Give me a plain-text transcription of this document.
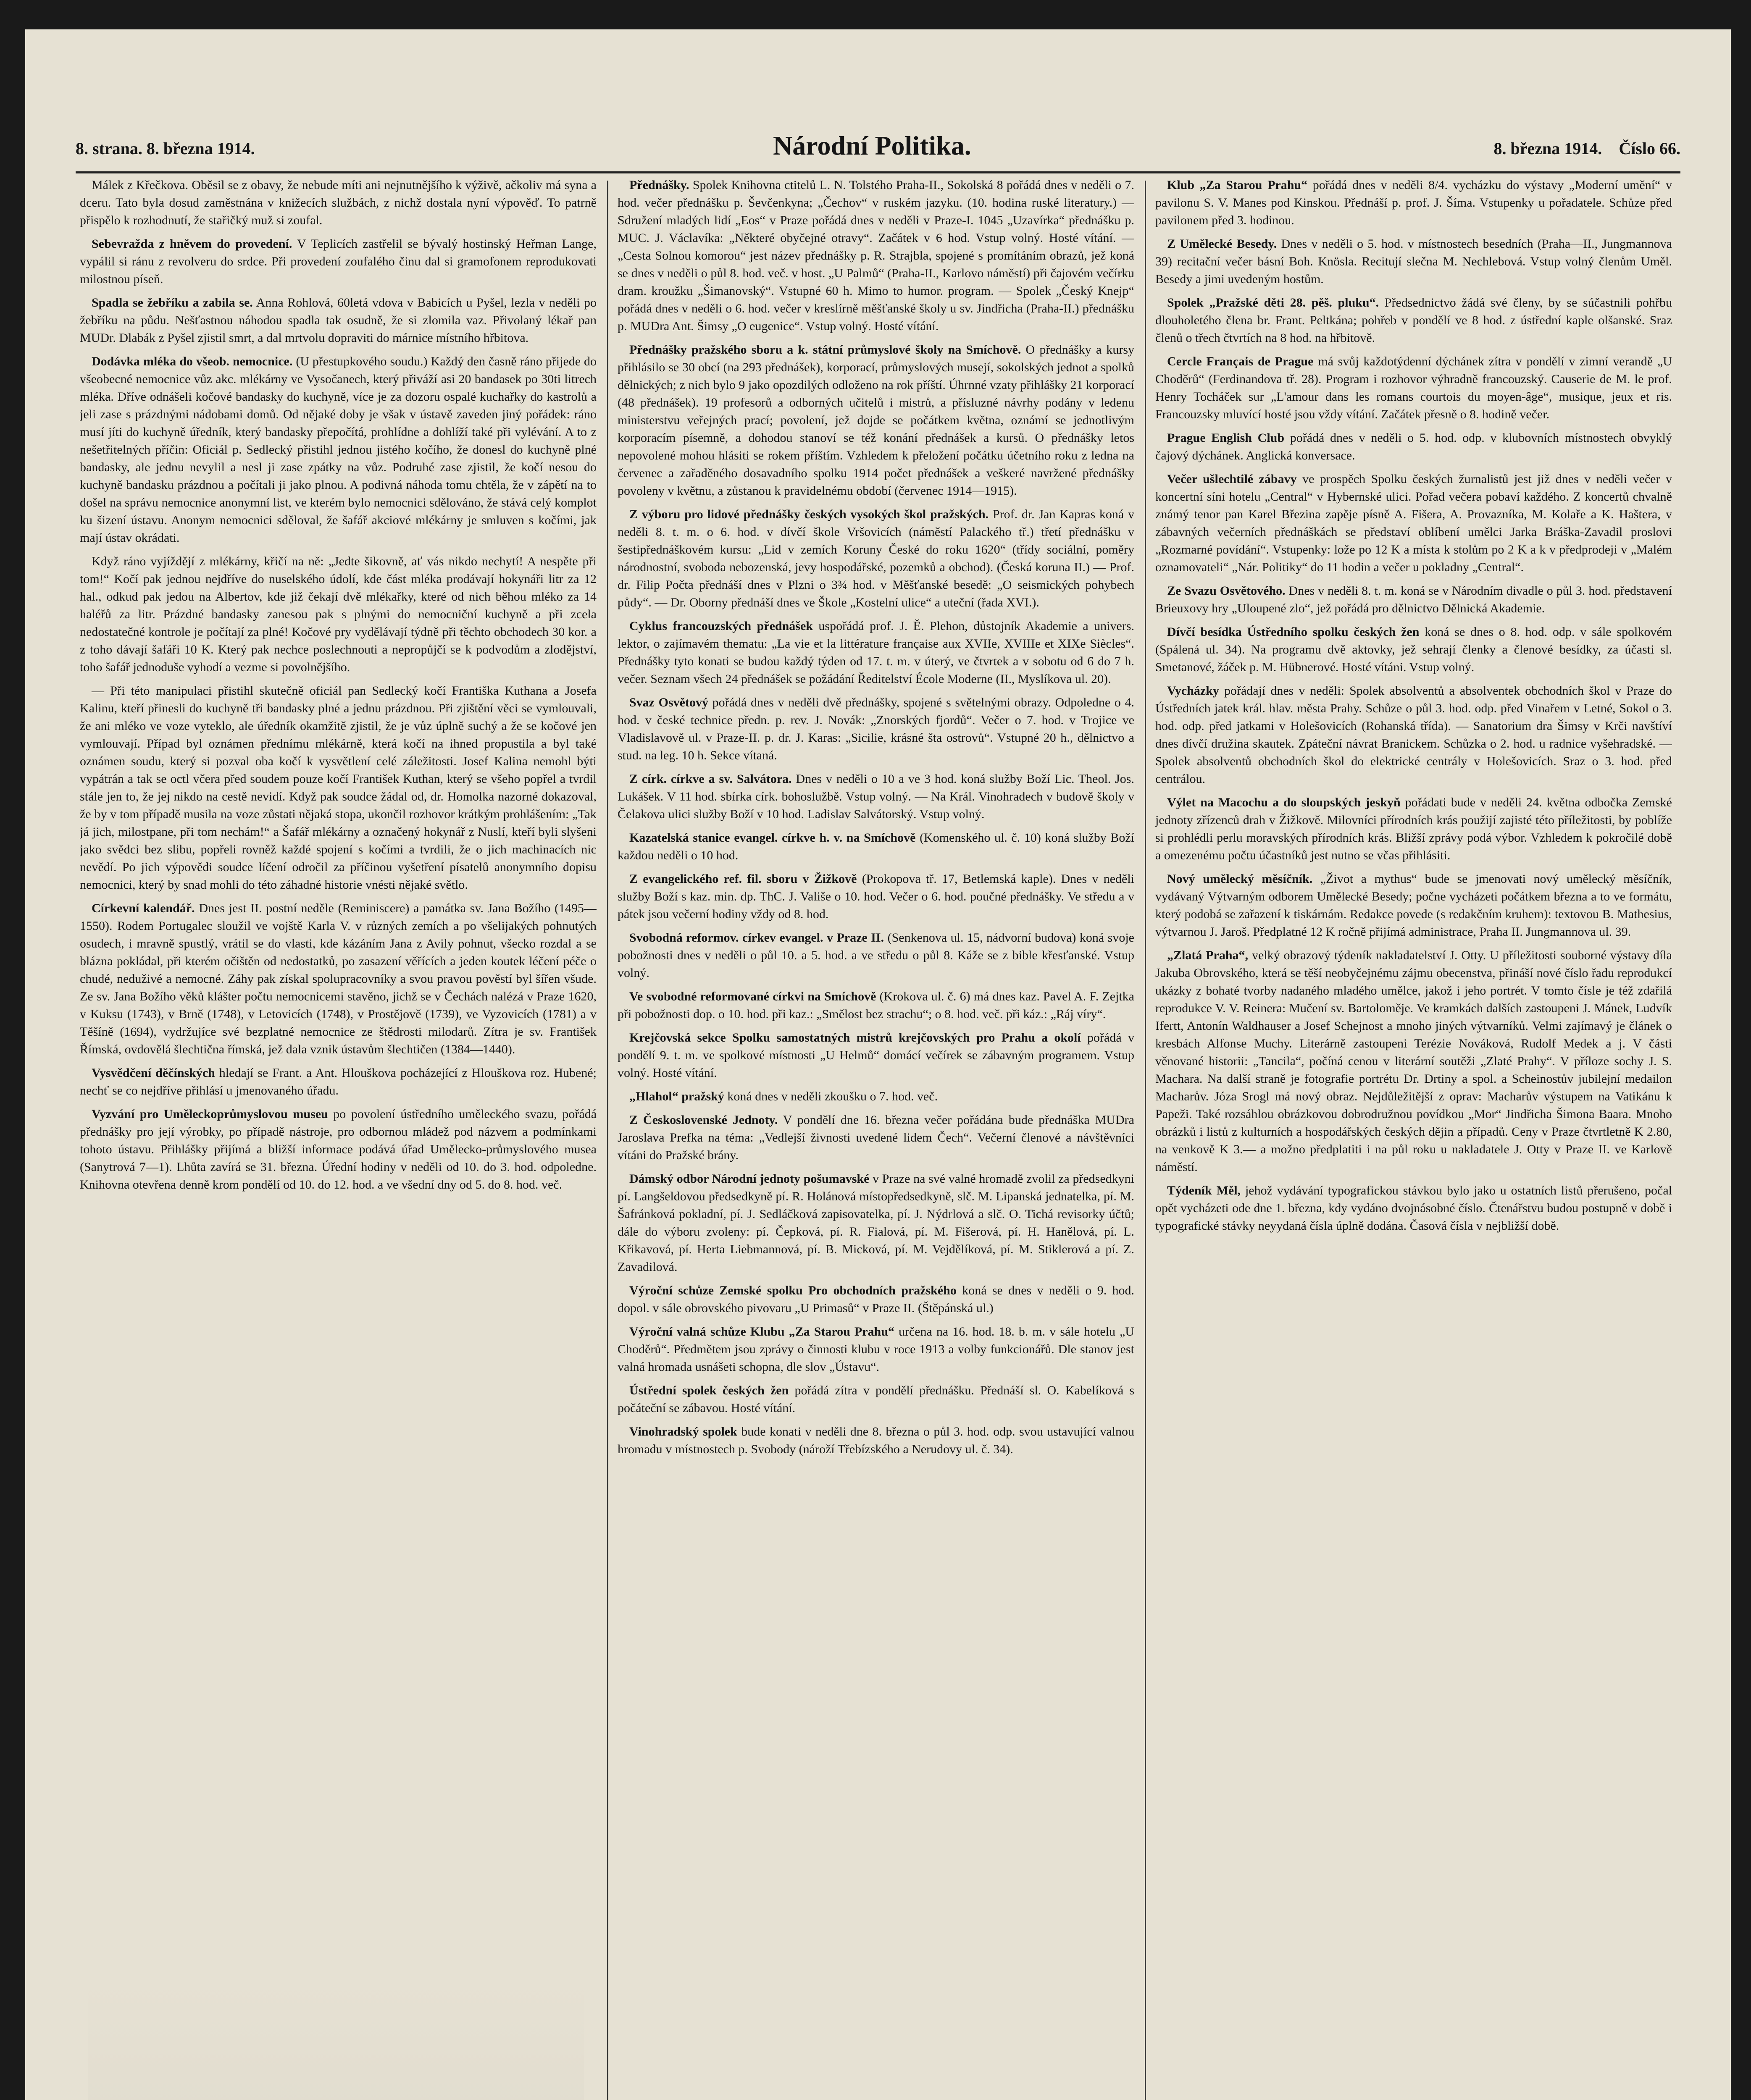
8. strana. 8. března 1914.	Národní Politika.	8. března 1914. Číslo 66.

Málek z Křečkova. Oběsil se z obavy, že nebude míti ani nejnutnějšího k výživě, ačkoliv má syna a dceru. Tato byla dosud zaměstnána v knižecích službách, z nichž dostala nyní výpověď. To patrně přispělo k rozhodnutí, že stařičký muž si zoufal.

Sebevražda z hněvem do provedení. V Teplicích zastřelil se bývalý hostinský Heřman Lange, vypálil si ránu z revolveru do srdce. Při provedení zoufalého činu dal si gramofonem reprodukovati milostnou píseň.

Spadla se žebříku a zabila se. Anna Rohlová, 60letá vdova v Babicích u Pyšel, lezla v neděli po žebříku na půdu. Nešťastnou náhodou spadla tak osudně, že si zlomila vaz. Přivolaný lékař pan MUDr. Dlabák z Pyšel zjistil smrt, a dal mrtvolu dopraviti do márnice místního hřbitova.

Dodávka mléka do všeob. nemocnice. (U přestupkového soudu.) Každý den časně ráno přijede do všeobecné nemocnice vůz akc. mlékárny ve Vysočanech, který přiváží asi 20 bandasek po 30ti litrech mléka. Dříve odnášeli kočové bandasky do kuchyně, více je za dozoru ospalé kuchařky do kastrolů a jeli zase s prázdnými nádobami domů. Od nějaké doby je však v ústavě zaveden jiný pořádek: ráno musí jíti do kuchyně úředník, který bandasky přepočítá, prohlídne a dohlíží také při vylévání. A to z nešetřitelných příčin: Oficiál p. Sedlecký přistihl jednou jistého kočího, že donesl do kuchyně plné bandasky, ale jednu nevylil a nesl ji zase zpátky na vůz. Podruhé zase zjistil, že kočí nesou do kuchyně bandasku prázdnou a počítali ji jako plnou. A podivná náhoda tomu chtěla, že v zápětí na to došel na správu nemocnice anonymní list, ve kterém bylo nemocnici sdělováno, že stává celý komplot ku šizení ústavu. Anonym nemocnici sděloval, že šafář akciové mlékárny je smluven s kočími, jak mají ústav okrádati.

Když ráno vyjíždějí z mlékárny, křičí na ně: „Jedte šikovně, ať vás nikdo nechytí! A nespěte při tom!“ Kočí pak jednou nejdříve do nuselského údolí, kde část mléka prodávají hokynáři litr za 12 hal., odkud pak jedou na Albertov, kde již čekají dvě mlékařky, které od nich běhou mléko za 14 haléřů za litr. Prázdné bandasky zanesou pak s plnými do nemocniční kuchyně a při zcela nedostatečné kontrole je počítají za plné! Kočové pry vydělávají týdně při těchto obchodech 30 kor. a z toho dávají šafáři 10 K. Který pak nechce poslechnouti a nepropůjčí se k podvodům a zlodějství, toho šafář jednoduše vyhodí a vezme si povolnějšího.

— Při této manipulaci přistihl skutečně oficiál pan Sedlecký kočí Františka Kuthana a Josefa Kalinu, kteří přinesli do kuchyně tři bandasky plné a jednu prázdnou. Při zjištění věci se vymlouvali, že ani mléko ve voze vyteklo, ale úředník okamžitě zjistil, že je vůz úplně suchý a že se kočové jen vymlouvají. Případ byl oznámen přednímu mlékárně, která kočí na ihned propustila a byl také oznámen soudu, který si pozval oba kočí k vysvětlení celé záležitosti. Josef Kalina nemohl býti vypátrán a tak se octl včera před soudem pouze kočí František Kuthan, který se všeho popřel a tvrdil stále jen to, že jej nikdo na cestě nevidí. Když pak soudce žádal od, dr. Homolka nazorné dokazoval, že by v tom případě musila na voze zůstati nějaká stopa, ukončil rozhovor krátkým prohlášením: „Tak já jich, milostpane, při tom nechám!“ a Šafář mlékárny a označený hokynář z Nuslí, kteří byli slyšeni jako svědci bez slibu, popřeli rovněž každé spojení s kočími a tvrdili, že o jich machinacích nic nevědí. Po jich výpovědi soudce líčení odročil za příčinou vyšetření písatelů anonymního dopisu nemocnici, který by snad mohli do této záhadné historie vnésti nějaké světlo.

Církevní kalendář. Dnes jest II. postní neděle (Reminiscere) a památka sv. Jana Božího (1495—1550). Rodem Portugalec sloužil ve vojště Karla V. v různých zemích a po všelijakých pohnutých osudech, i mravně spustlý, vrátil se do vlasti, kde kázáním Jana z Avily pohnut, všecko rozdal a se blázna pokládal, při kterém očištěn od nedostatků, po zasazení věřících a jeden koutek léčení péče o chudé, neduživé a nemocné. Záhy pak získal spolupracovníky a svou pravou pověstí byl šířen všude. Ze sv. Jana Božího věků klášter počtu nemocnicemi stavěno, jichž se v Čechách nalézá v Praze 1620, v Kuksu (1743), v Brně (1748), v Letovicích (1748), v Prostějově (1739), ve Vyzovicích (1781) a v Těšíně (1694), vydržujíce své bezplatné nemocnice ze štědrosti milodarů. Zítra je sv. František Římská, ovdovělá šlechtična římská, jež dala vznik ústavům šlechtičen (1384—1440).

Vysvědčení děčínských hledají se Frant. a Ant. Hlouškova pocházející z Hlouškova roz. Hubené; nechť se co nejdříve přihlásí u jmenovaného úřadu.

Vyzvání pro Uměleckoprůmyslovou museu po povolení ústředního uměleckého svazu, pořádá přednášky pro její výrobky, po případě nástroje, pro odbornou mládež pod názvem a podmínkami tohoto ústavu. Přihlášky přijímá a bližší informace podává úřad Umělecko-průmyslového musea (Sanytrová 7—1). Lhůta zavírá se 31. března. Úřední hodiny v neděli od 10. do 3. hod. odpoledne. Knihovna otevřena denně krom pondělí od 10. do 12. hod. a ve všední dny od 5. do 8. hod. več.

Přednášky. Spolek Knihovna ctitelů L. N. Tolstého Praha-II., Sokolská 8 pořádá dnes v neděli o 7. hod. večer přednášku p. Ševčenkyna; „Čechov“ v ruském jazyku. (10. hodina ruské literatury.) — Sdružení mladých lidí „Eos“ v Praze pořádá dnes v neděli v Praze-I. 1045 „Uzavírka“ přednášku p. MUC. J. Václavíka: „Některé obyčejné otravy“. Začátek v 6 hod. Vstup volný. Hosté vítání. — „Cesta Solnou komorou“ jest název přednášky p. R. Strajbla, spojené s promítáním obrazů, jež koná se dnes v neděli o půl 8. hod. več. v host. „U Palmů“ (Praha-II., Karlovo náměstí) při čajovém večírku dram. kroužku „Šimanovský“. Vstupné 60 h. Mimo to humor. program. — Spolek „Český Knejp“ pořádá dnes v neděli o 6. hod. večer v kreslírně měšťanské školy u sv. Jindřicha (Praha-II.) přednášku p. MUDra Ant. Šimsy „O eugenice“. Vstup volný. Hosté vítání.

Přednášky pražského sboru a k. státní průmyslové školy na Smíchově. O přednášky a kursy přihlásilo se 30 obcí (na 293 přednášek), korporací, průmyslových musejí, sokolských jednot a spolků dělnických; z nich bylo 9 jako opozdilých odloženo na rok příští. Úhrnné vzaty přihlášky 21 korporací (48 přednášek). 19 profesorů a odborných učitelů i mistrů, a přísluzné návrhy podány v ledenu ministerstvu veřejných prací; povolení, jež dojde se počátkem května, oznámí se jednotlivým korporacím písemně, a dohodou stanoví se též konání přednášek a kursů. O přednášky letos nepovolené mohou hlásiti se rokem příštím. Vzhledem k přeložení počátku účetního roku z ledna na červenec a zařaděného dosavadního spolku 1914 počet přednášek a veškeré navržené přednášky povoleny v květnu, a zůstanou k pravidelnému období (červenec 1914—1915).

Z výboru pro lidové přednášky českých vysokých škol pražských. Prof. dr. Jan Kapras koná v neděli 8. t. m. o 6. hod. v dívčí škole Vršovicích (náměstí Palackého tř.) třetí přednášku v šestipřednáškovém kursu: „Lid v zemích Koruny České do roku 1620“ (třídy sociální, poměry národnostní, svoboda nebozenská, jevy hospodářské, pozemků a obchod). (Česká koruna II.) — Prof. dr. Filip Počta přednáší dnes v Plzni o 3¾ hod. v Měšťanské besedě: „O seismických pohybech půdy“. — Dr. Oborny přednáší dnes ve Škole „Kostelní ulice“ a uteční (řada XVI.).

Cyklus francouzských přednášek uspořádá prof. J. Ě. Plehon, důstojník Akademie a univers. lektor, o zajímavém thematu: „La vie et la littérature française aux XVIIe, XVIIIe et XIXe Siècles“. Přednášky tyto konati se budou každý týden od 17. t. m. v úterý, ve čtvrtek a v sobotu od 6 do 7 h. večer. Seznam všech 24 přednášek se požádání Ředitelství École Moderne (II., Myslíkova ul. 20).

Svaz Osvětový pořádá dnes v neděli dvě přednášky, spojené s světelnými obrazy. Odpoledne o 4. hod. v české technice předn. p. rev. J. Novák: „Znorských fjordů“. Večer o 7. hod. v Trojice ve Vladislavově ul. v Praze-II. p. dr. J. Karas: „Sicilie, krásné šta ostrovů“. Vstupné 20 h., dělnictvo a stud. na leg. 10 h. Sekce vítaná.

Z círk. církve a sv. Salvátora. Dnes v neděli o 10 a ve 3 hod. koná služby Boží Lic. Theol. Jos. Lukášek. V 11 hod. sbírka círk. bohoslužbě. Vstup volný. — Na Král. Vinohradech v budově školy v Čelakova ulici služby Boží v 10 hod. Ladislav Salvátorský. Vstup volný.

Kazatelská stanice evangel. církve h. v. na Smíchově (Komenského ul. č. 10) koná služby Boží každou neděli o 10 hod.

Z evangelického ref. fil. sboru v Žižkově (Prokopova tř. 17, Betlemská kaple). Dnes v neděli služby Boží s kaz. min. dp. ThC. J. Vališe o 10. hod. Večer o 6. hod. poučné přednášky. Ve středu a v pátek jsou večerní hodiny vždy od 8. hod.

Svobodná reformov. církev evangel. v Praze II. (Senkenova ul. 15, nádvorní budova) koná svoje pobožnosti dnes v neděli o půl 10. a 5. hod. a ve středu o půl 8. Káže se z bible křesťanské. Vstup volný.

Ve svobodné reformované církvi na Smíchově (Krokova ul. č. 6) má dnes kaz. Pavel A. F. Zejtka při pobožnosti dop. o 10. hod. při kaz.: „Smělost bez strachu“; o 8. hod. več. při káz.: „Ráj víry“.

Krejčovská sekce Spolku samostatných mistrů krejčovských pro Prahu a okolí pořádá v pondělí 9. t. m. ve spolkové místnosti „U Helmů“ domácí večírek se zábavným programem. Vstup volný. Hosté vítání.

„Hlahol“ pražský koná dnes v neděli zkoušku o 7. hod. več.

Z Československé Jednoty. V pondělí dne 16. března večer pořádána bude přednáška MUDra Jaroslava Prefka na téma: „Vedlejší živnosti uvedené lidem Čech“. Večerní členové a návštěvníci vítáni do Pražské brány.

Dámský odbor Národní jednoty pošumavské v Praze na své valné hromadě zvolil za předsedkyni pí. Langšeldovou předsedkyně pí. R. Holánová místopředsedkyně, slč. M. Lipanská jednatelka, pí. M. Šafránková pokladní, pí. J. Sedláčková zapisovatelka, pí. J. Nýdrlová a slč. O. Tichá revisorky účtů; dále do výboru zvoleny: pí. Čepková, pí. R. Fialová, pí. M. Fišerová, pí. H. Hanělová, pí. L. Křikavová, pí. Herta Liebmannová, pí. B. Micková, pí. M. Vejdělíková, pí. M. Stiklerová a pí. Z. Zavadilová.

Výroční schůze Zemské spolku Pro obchodních pražského koná se dnes v neděli o 9. hod. dopol. v sále obrovského pivovaru „U Primasů“ v Praze II. (Štěpánská ul.)

Výroční valná schůze Klubu „Za Starou Prahu“ určena na 16. hod. 18. b. m. v sále hotelu „U Choděrů“. Předmětem jsou zprávy o činnosti klubu v roce 1913 a volby funkcionářů. Dle stanov jest valná hromada usnášeti schopna, dle slov „Ústavu“.

Ústřední spolek českých žen pořádá zítra v pondělí přednášku. Přednáší sl. O. Kabelíková s počáteční se zábavou. Hosté vítání.

Vinohradský spolek bude konati v neděli dne 8. března o půl 3. hod. odp. svou ustavující valnou hromadu v místnostech p. Svobody (nároží Třebízského a Nerudovy ul. č. 34).

Klub „Za Starou Prahu“ pořádá dnes v neděli 8/4. vycházku do výstavy „Moderní umění“ v pavilonu S. V. Manes pod Kinskou. Přednáší p. prof. J. Šíma. Vstupenky u pořadatele. Schůze před pavilonem před 3. hodinou.

Z Umělecké Besedy. Dnes v neděli o 5. hod. v místnostech besedních (Praha—II., Jungmannova 39) recitační večer básní Boh. Knösla. Recitují slečna M. Nechlebová. Vstup volný členům Uměl. Besedy a jimi uvedeným hostům.

Spolek „Pražské děti 28. pěš. pluku“. Předsednictvo žádá své členy, by se súčastnili pohřbu dlouholetého člena br. Frant. Peltkána; pohřeb v pondělí ve 8 hod. z ústřední kaple olšanské. Sraz členů o třech čtvrtích na 8 hod. na hřbitově.

Cercle Français de Prague má svůj každotýdenní dýchánek zítra v pondělí v zimní verandě „U Choděrů“ (Ferdinandova tř. 28). Program i rozhovor výhradně francouzský. Causerie de M. le prof. Henry Tocháček sur „L'amour dans les romans courtois du moyen-âge“, musique, jeux et ris. Francouzsky mluvící hosté jsou vždy vítání. Začátek přesně o 8. hodině večer.

Prague English Club pořádá dnes v neděli o 5. hod. odp. v klubovních místnostech obvyklý čajový dýchánek. Anglická konversace.

Večer ušlechtilé zábavy ve prospěch Spolku českých žurnalistů jest již dnes v neděli večer v koncertní síni hotelu „Central“ v Hybernské ulici. Pořad večera pobaví každého. Z koncertů chvalně známý tenor pan Karel Březina zapěje písně A. Fišera, A. Provazníka, M. Kolaře a K. Haštera, v zábavných večerních přednáškách se představí oblíbení umělci Jarka Bráška-Zavadil proslovi „Rozmarné povídání“. Vstupenky: lože po 12 K a místa k stolům po 2 K a k v předprodeji v „Malém oznamovateli“ „Nár. Politiky“ do 11 hodin a večer u pokladny „Central“.

Ze Svazu Osvětového. Dnes v neděli 8. t. m. koná se v Národním divadle o půl 3. hod. představení Brieuxovy hry „Uloupené zlo“, jež pořádá pro dělnictvo Dělnická Akademie.

Dívčí besídka Ústředního spolku českých žen koná se dnes o 8. hod. odp. v sále spolkovém (Spálená ul. 34). Na programu dvě aktovky, jež sehrají členky a členové besídky, za účasti sl. Smetanové, žáček p. M. Hübnerové. Hosté vítáni. Vstup volný.

Vycházky pořádají dnes v neděli: Spolek absolventů a absolventek obchodních škol v Praze do Ústředních jatek král. hlav. města Prahy. Schůze o půl 3. hod. odp. před Vinařem v Letné, Sokol o 3. hod. odp. před jatkami v Holešovicích (Rohanská třída). — Sanatorium dra Šimsy v Krči navštíví dnes dívčí družina skautek. Zpáteční návrat Branickem. Schůzka o 2. hod. u radnice vyšehradské. — Spolek absolventů obchodních škol do elektrické centrály v Holešovicích. Sraz o 3. hod. před centrálou.

Výlet na Macochu a do sloupských jeskyň pořádati bude v neděli 24. května odbočka Zemské jednoty zřízenců drah v Žižkově. Milovníci přírodních krás použijí zajisté této příležitosti, by poblíže si prohlédli perlu moravských přírodních krás. Bližší zprávy podá výbor. Vzhledem k pokročilé době a omezenému počtu účastníků jest nutno se včas přihlásiti.

Nový umělecký měsíčník. „Život a mythus“ bude se jmenovati nový umělecký měsíčník, vydávaný Výtvarným odborem Umělecké Besedy; počne vycházeti počátkem března a to ve formátu, který podobá se zařazení k tiskárnám. Redakce povede (s redakčním kruhem): textovou B. Mathesius, výtvarnou J. Jaroš. Předplatné 12 K ročně přijímá administrace, Praha II. Jungmannova ul. 39.

„Zlatá Praha“, velký obrazový týdeník nakladatelství J. Otty. U příležitosti souborné výstavy díla Jakuba Obrovského, která se těší neobyčejnému zájmu obecenstva, přináší nové číslo řadu reprodukcí ukázky z bohaté tvorby nadaného mladého umělce, jakož i jeho portrét. V tomto čísle je též zdařilá reprodukce V. V. Reinera: Mučení sv. Bartoloměje. Ve kramkách dalších zastoupeni J. Mánek, Ludvík Ifertt, Antonín Waldhauser a Josef Schejnost a mnoho jiných výtvarníků. Velmi zajímavý je článek o kresbách Alfonse Muchy. Literárně zastoupeni Terézie Nováková, Rudolf Medek a j. V části věnované historii: „Tancila“, počíná cenou v literární soutěži „Zlaté Prahy“. V příloze sochy J. S. Machara. Na další straně je fotografie portrétu Dr. Drtiny a spol. a Scheinostův jubilejní medailon Macharův. Józa Srogl má nový obraz. Nejdůležitější z oprav: Macharův výstupem na Vatikánu k Papeži. Také rozsáhlou obrázkovou dobrodružnou povídkou „Mor“ Jindřicha Šimona Baara. Mnoho obrázků i listů z kulturních a hospodářských českých dějin a případů. Ceny v Praze čtvrtletně K 2.80, na venkově K 3.— a možno předplatiti i na půl roku u nakladatele J. Otty v Praze II. ve Karlově náměstí.

Týdeník Měl, jehož vydávání typografickou stávkou bylo jako u ostatních listů přerušeno, počal opět vycházeti ode dne 1. března, kdy vydáno dvojnásobné číslo. Čtenářstvu budou postupně v době i typografické stávky neyydaná čísla úplně dodána. Časová čísla v nejbližší době.
